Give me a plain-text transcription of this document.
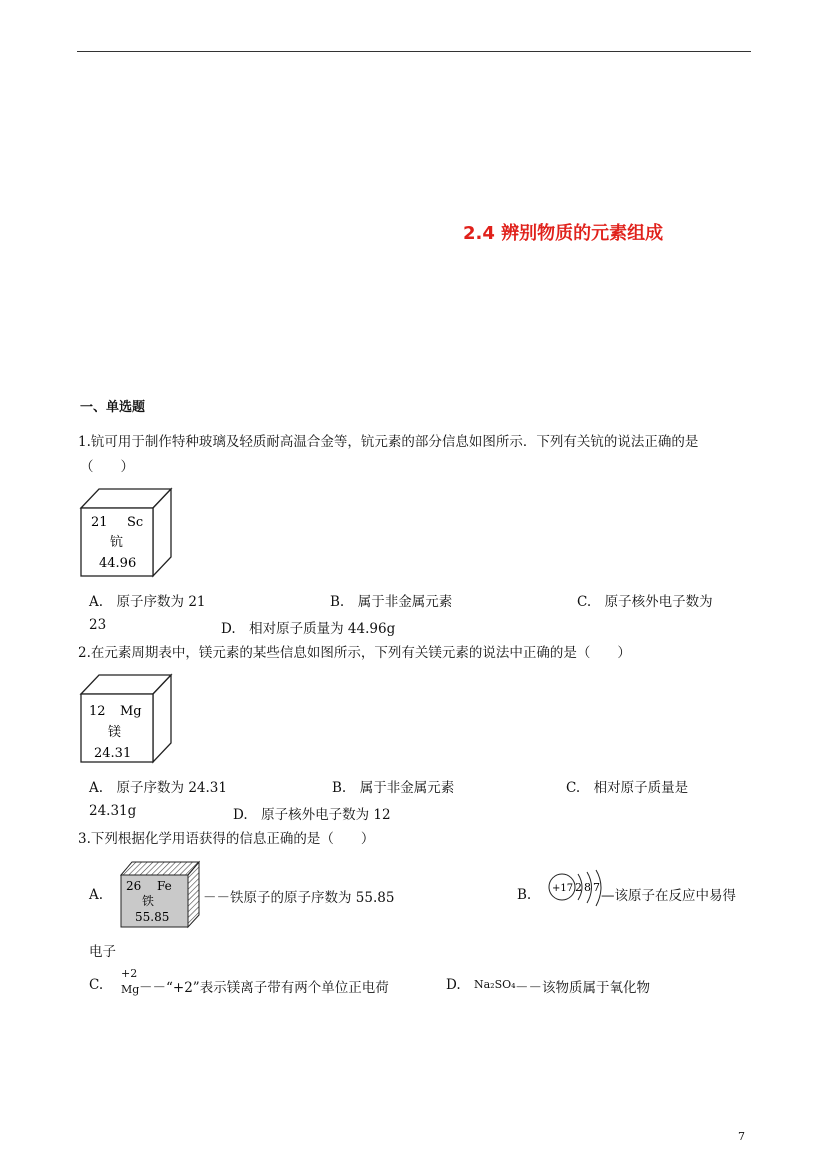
2.4 辨别物质的元素组成
一、单选题
1.钪可用于制作特种玻璃及轻质耐高温合金等，钪元素的部分信息如图所示．下列有关钪的说法正确的是
（　　）
21 Sc
钪
44.96
A.　原子序数为 21	B.　属于非金属元素	C.　原子核外电子数为
23	D.　相对原子质量为 44.96g
2.在元素周期表中，镁元素的某些信息如图所示，下列有关镁元素的说法中正确的是（　　）
12 Mg
镁
24.31
A.　原子序数为 24.31	B.　属于非金属元素	C.　相对原子质量是
24.31g	D.　原子核外电子数为 12
3.下列根据化学用语获得的信息正确的是（　　）
A.
26 Fe
铁
55.85
－－铁原子的原子序数为 55.85	B. +17 2 8 7
—该原子在反应中易得
电子
C.
+2
Mg －－“+2”表示镁离子带有两个单位正电荷	D. Na₂SO₄ －－该物质属于氧化物
7
